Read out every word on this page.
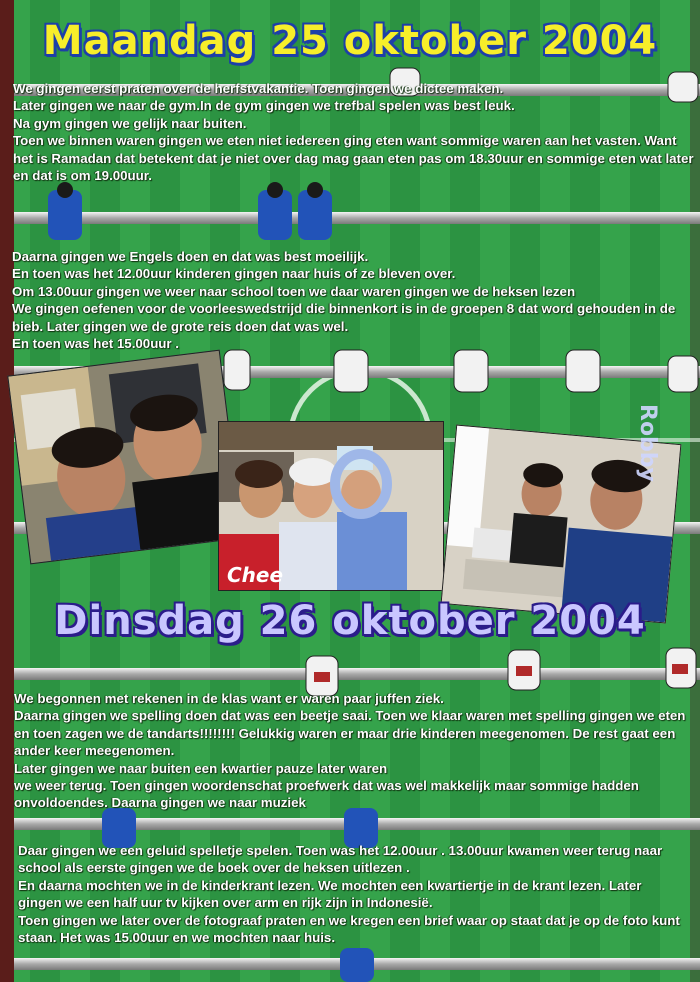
Maandag 25 oktober 2004
We gingen eerst praten over de herfstvakantie. Toen gingen we dictee maken.
Later gingen we naar de gym.In de gym gingen we trefbal spelen was best leuk.
Na gym gingen we gelijk naar buiten.
Toen we binnen waren gingen we eten niet iedereen ging eten want sommige waren aan het vasten. Want het is Ramadan dat betekent dat je niet over dag mag gaan eten pas om 18.30uur en sommige eten wat later en dat is om 19.00uur.
Daarna gingen we Engels doen en dat was best moeilijk.
En toen was het 12.00uur kinderen gingen naar huis of ze bleven over.
Om 13.00uur gingen we weer naar school toen we daar waren gingen we de heksen lezen
We gingen oefenen voor de voorleeswedstrijd die binnenkort is in de groepen 8 dat word gehouden in de bieb. Later gingen we de grote reis doen dat was wel.
En toen was het 15.00uur .
Chee
Robby
Dinsdag 26 oktober 2004
We begonnen met rekenen in de klas want er waren paar juffen ziek.
Daarna gingen we spelling doen dat was een beetje saai. Toen we klaar waren met spelling gingen we eten en toen zagen we de tandarts!!!!!!!! Gelukkig waren er maar drie kinderen meegenomen. De rest gaat een ander keer meegenomen.
Later gingen we naar buiten een kwartier pauze later waren
we weer terug. Toen gingen woordenschat proefwerk dat was wel makkelijk maar sommige hadden onvoldoendes. Daarna gingen we naar muziek
Daar gingen we een geluid spelletje spelen. Toen was het 12.00uur . 13.00uur kwamen weer terug naar school als eerste gingen we de boek over de heksen uitlezen .
En daarna mochten we in de kinderkrant lezen. We mochten een kwartiertje in de krant lezen. Later gingen we een half uur tv kijken over arm en rijk zijn in Indonesië.
Toen gingen we later over de fotograaf praten en we kregen een brief waar op staat dat je op de foto kunt staan. Het was 15.00uur en we mochten naar huis.
